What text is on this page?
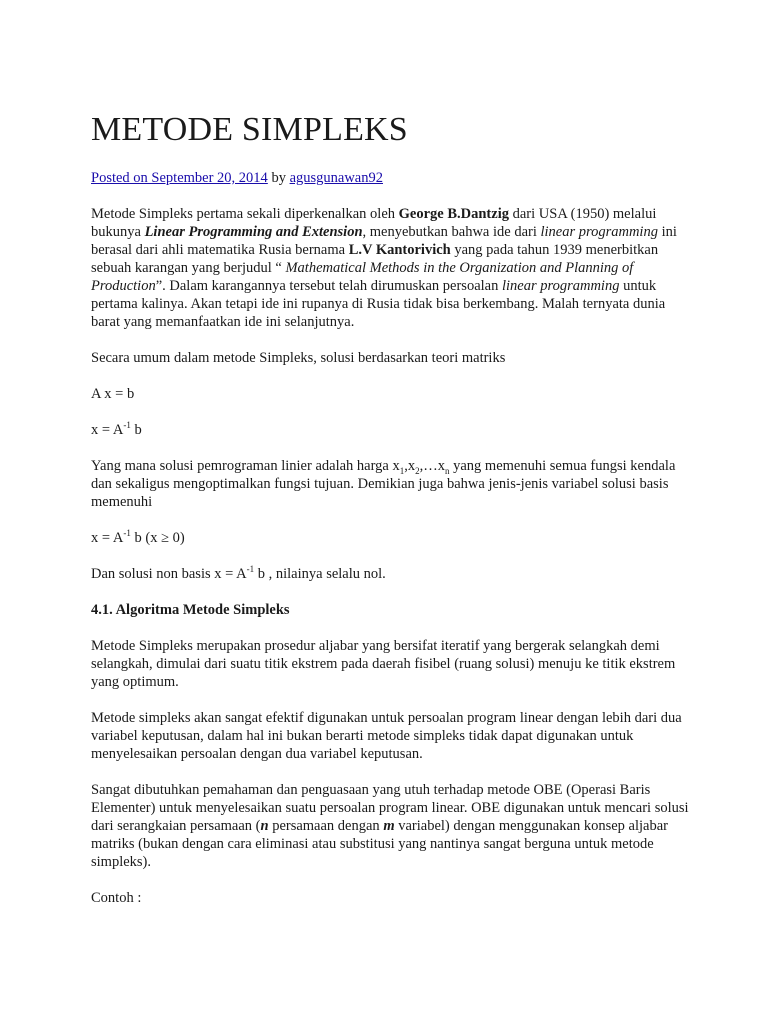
METODE SIMPLEKS
Posted on September 20, 2014 by agusgunawan92

Metode Simpleks pertama sekali diperkenalkan oleh George B.Dantzig dari USA (1950) melalui bukunya Linear Programming and Extension, menyebutkan bahwa ide dari linear programming ini berasal dari ahli matematika Rusia bernama L.V Kantorivich yang pada tahun 1939 menerbitkan sebuah karangan yang berjudul “ Mathematical Methods in the Organization and Planning of Production”. Dalam karangannya tersebut telah dirumuskan persoalan linear programming untuk pertama kalinya. Akan tetapi ide ini rupanya di Rusia tidak bisa berkembang. Malah ternyata dunia barat yang memanfaatkan ide ini selanjutnya.

Secara umum dalam metode Simpleks, solusi berdasarkan teori matriks

A x = b
$x = A^{-1}$ b

Yang mana solusi pemrograman linier adalah harga $x_1,x_2,\dots x_n$ yang memenuhi semua fungsi kendala dan sekaligus mengoptimalkan fungsi tujuan. Demikian juga bahwa jenis-jenis variabel solusi basis memenuhi

$x = A^{-1}$ b (x ≥ 0)

Dan solusi non basis $x = A^{-1}$ b , nilainya selalu nol.

4.1. Algoritma Metode Simpleks

Metode Simpleks merupakan prosedur aljabar yang bersifat iteratif yang bergerak selangkah demi selangkah, dimulai dari suatu titik ekstrem pada daerah fisibel (ruang solusi) menuju ke titik ekstrem yang optimum.

Metode simpleks akan sangat efektif digunakan untuk persoalan program linear dengan lebih dari dua variabel keputusan, dalam hal ini bukan berarti metode simpleks tidak dapat digunakan untuk menyelesaikan persoalan dengan dua variabel keputusan.

Sangat dibutuhkan pemahaman dan penguasaan yang utuh terhadap metode OBE (Operasi Baris Elementer) untuk menyelesaikan suatu persoalan program linear. OBE digunakan untuk mencari solusi dari serangkaian persamaan (n persamaan dengan m variabel) dengan menggunakan konsep aljabar matriks (bukan dengan cara eliminasi atau substitusi yang nantinya sangat berguna untuk metode simpleks).

Contoh :
